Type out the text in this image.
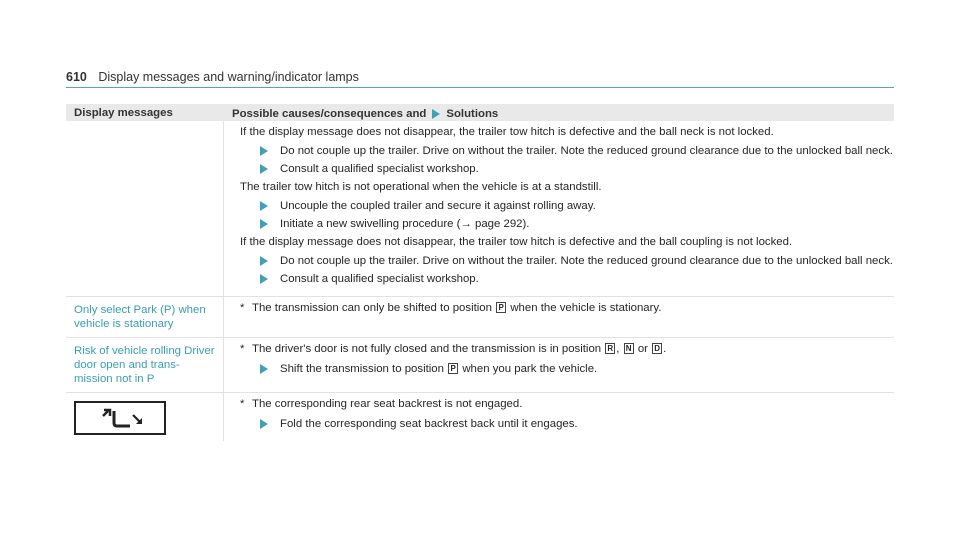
610 Display messages and warning/indicator lamps
Display messages	Possible causes/consequences and Solutions

If the display message does not disappear, the trailer tow hitch is defective and the ball neck is not locked.

Do not couple up the trailer. Drive on without the trailer. Note the reduced ground clearance due to the unlocked ball neck.
Consult a qualified specialist workshop.

The trailer tow hitch is not operational when the vehicle is at a standstill.

Uncouple the coupled trailer and secure it against rolling away.
Initiate a new swivelling procedure (→ page 292).

If the display message does not disappear, the trailer tow hitch is defective and the ball coupling is not locked.

Do not couple up the trailer. Drive on without the trailer. Note the reduced ground clearance due to the unlocked ball neck.
Consult a qualified specialist workshop.
Only select Park (P) when vehicle is stationary
* The transmission can only be shifted to position P when the vehicle is stationary.
Risk of vehicle rolling Driver door open and trans- mission not in P
* The driver's door is not fully closed and the transmission is in position R , N or D .
Shift the transmission to position P when you park the vehicle.
* The corresponding rear seat backrest is not engaged.
Fold the corresponding seat backrest back until it engages.
